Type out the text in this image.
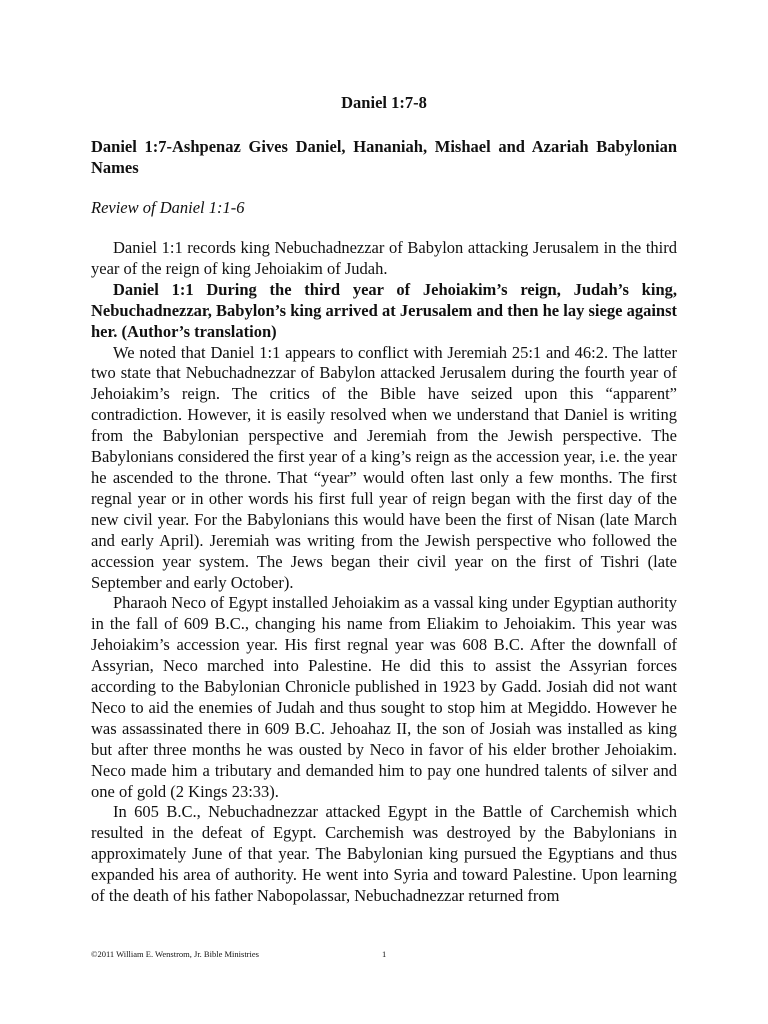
Daniel 1:7-8
Daniel 1:7-Ashpenaz Gives Daniel, Hananiah, Mishael and Azariah Babylonian Names
Review of Daniel 1:1-6

Daniel 1:1 records king Nebuchadnezzar of Babylon attacking Jerusalem in the third year of the reign of king Jehoiakim of Judah.

Daniel 1:1 During the third year of Jehoiakim’s reign, Judah’s king, Nebuchadnezzar, Babylon’s king arrived at Jerusalem and then he lay siege against her. (Author’s translation)

We noted that Daniel 1:1 appears to conflict with Jeremiah 25:1 and 46:2. The latter two state that Nebuchadnezzar of Babylon attacked Jerusalem during the fourth year of Jehoiakim’s reign. The critics of the Bible have seized upon this “apparent” contradiction. However, it is easily resolved when we understand that Daniel is writing from the Babylonian perspective and Jeremiah from the Jewish perspective. The Babylonians considered the first year of a king’s reign as the accession year, i.e. the year he ascended to the throne. That “year” would often last only a few months. The first regnal year or in other words his first full year of reign began with the first day of the new civil year. For the Babylonians this would have been the first of Nisan (late March and early April). Jeremiah was writing from the Jewish perspective who followed the accession year system. The Jews began their civil year on the first of Tishri (late September and early October).

Pharaoh Neco of Egypt installed Jehoiakim as a vassal king under Egyptian authority in the fall of 609 B.C., changing his name from Eliakim to Jehoiakim. This year was Jehoiakim’s accession year. His first regnal year was 608 B.C. After the downfall of Assyrian, Neco marched into Palestine. He did this to assist the Assyrian forces according to the Babylonian Chronicle published in 1923 by Gadd. Josiah did not want Neco to aid the enemies of Judah and thus sought to stop him at Megiddo. However he was assassinated there in 609 B.C. Jehoahaz II, the son of Josiah was installed as king but after three months he was ousted by Neco in favor of his elder brother Jehoiakim. Neco made him a tributary and demanded him to pay one hundred talents of silver and one of gold (2 Kings 23:33).

In 605 B.C., Nebuchadnezzar attacked Egypt in the Battle of Carchemish which resulted in the defeat of Egypt. Carchemish was destroyed by the Babylonians in approximately June of that year. The Babylonian king pursued the Egyptians and thus expanded his area of authority. He went into Syria and toward Palestine. Upon learning of the death of his father Nabopolassar, Nebuchadnezzar returned from

©2011 William E. Wenstrom, Jr. Bible Ministries	1
